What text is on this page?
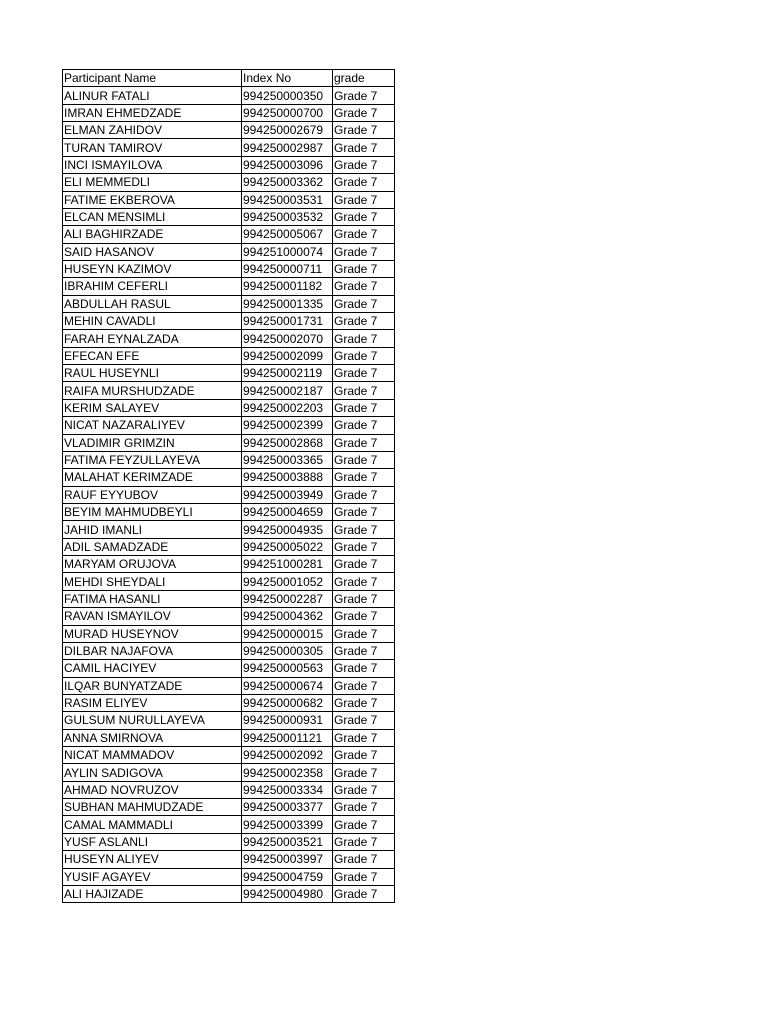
Participant Name	Index No	grade
ALINUR FATALI	994250000350	Grade 7
IMRAN EHMEDZADE	994250000700	Grade 7
ELMAN ZAHIDOV	994250002679	Grade 7
TURAN TAMIROV	994250002987	Grade 7
INCI ISMAYILOVA	994250003096	Grade 7
ELI MEMMEDLI	994250003362	Grade 7
FATIME EKBEROVA	994250003531	Grade 7
ELCAN MENSIMLI	994250003532	Grade 7
ALI BAGHIRZADE	994250005067	Grade 7
SAID HASANOV	994251000074	Grade 7
HUSEYN KAZIMOV	994250000711	Grade 7
IBRAHIM CEFERLI	994250001182	Grade 7
ABDULLAH RASUL	994250001335	Grade 7
MEHIN CAVADLI	994250001731	Grade 7
FARAH EYNALZADA	994250002070	Grade 7
EFECAN EFE	994250002099	Grade 7
RAUL HUSEYNLI	994250002119	Grade 7
RAIFA MURSHUDZADE	994250002187	Grade 7
KERIM SALAYEV	994250002203	Grade 7
NICAT NAZARALIYEV	994250002399	Grade 7
VLADIMIR GRIMZIN	994250002868	Grade 7
FATIMA FEYZULLAYEVA	994250003365	Grade 7
MALAHAT KERIMZADE	994250003888	Grade 7
RAUF EYYUBOV	994250003949	Grade 7
BEYIM MAHMUDBEYLI	994250004659	Grade 7
JAHID IMANLI	994250004935	Grade 7
ADIL SAMADZADE	994250005022	Grade 7
MARYAM ORUJOVA	994251000281	Grade 7
MEHDI SHEYDALI	994250001052	Grade 7
FATIMA HASANLI	994250002287	Grade 7
RAVAN ISMAYILOV	994250004362	Grade 7
MURAD HUSEYNOV	994250000015	Grade 7
DILBAR NAJAFOVA	994250000305	Grade 7
CAMIL HACIYEV	994250000563	Grade 7
ILQAR BUNYATZADE	994250000674	Grade 7
RASIM ELIYEV	994250000682	Grade 7
GULSUM NURULLAYEVA	994250000931	Grade 7
ANNA SMIRNOVA	994250001121	Grade 7
NICAT MAMMADOV	994250002092	Grade 7
AYLIN SADIGOVA	994250002358	Grade 7
AHMAD NOVRUZOV	994250003334	Grade 7
SUBHAN MAHMUDZADE	994250003377	Grade 7
CAMAL MAMMADLI	994250003399	Grade 7
YUSF ASLANLI	994250003521	Grade 7
HUSEYN ALIYEV	994250003997	Grade 7
YUSIF AGAYEV	994250004759	Grade 7
ALI HAJIZADE	994250004980	Grade 7
